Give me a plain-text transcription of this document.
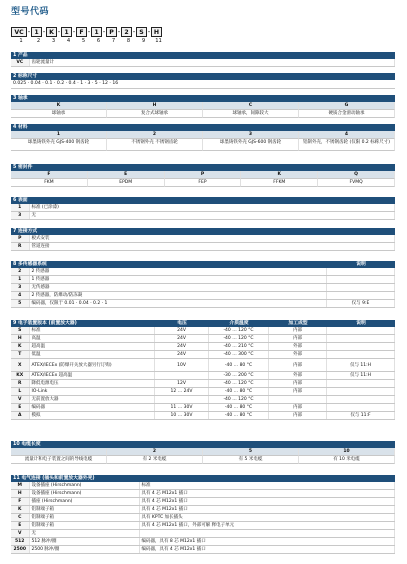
型号代码
VC - 1 - K - 1 - F - 1 - P - 2 - S - H
1	2	3	4	5	6	7	8	9	11
1 产品
VC	齿轮流量计
2 标称尺寸
0.025 · 0.04 · 0.1 · 0.2 · 0.4 · 1 · 3 · 5 · 12 · 16
3 轴承
K	H	C	G
球轴承	复合式球轴承	球轴承，间隙较大	硬质合金滑动轴承
4 材料
1	2	3	4
球墨铸铁外壳 GJS-400 钢齿轮	不锈钢外壳 不锈钢齿轮	球墨铸铁外壳 GJS-600 钢齿轮	铝制外壳，不锈钢齿轮 (仅限 0.2 标称尺寸)
5 密封件
F	E	P	K	Q
FKM	EPDM	FEP	FFKM	FVMQ
6 表面
1	标准 (已涂漆)
3	无
7 连接方式
P	板式安装
R	管道连接
8 多传感器系统	说明
2	2 传感器	
1	1 传感器	
3	无传感器	
4	2 传感器，防爆动/防冻凝	
5	编码器，仅限于 0.01 · 0.04 · 0.2 · 1	仅与 9:E
9 电子装置版本 (前置放大器)	电压	介质温度	加工成型	说明
S	标准	24V	-40 … 120 °C	内部	
H	高温	24V	-40 … 120 °C	内部	
K	超高温	24V	-40 … 210 °C	外部	
T	低温	24V	-40 … 300 °C	外部	
X	ATEX/IECEx (防爆开关放大器另行订购)	10V	-40 … 80 °C	内部	仅与 11:H
KX	ATEX/IECEx 超高温		-30 … 200 °C	外部	仅与 11:H
R	降低电源电压	12V	-40 … 120 °C	内部	
L	IO-Link	12 … 24V	-40 … 80 °C	内部	
V	无前置放大器		-40 … 120 °C		
E	编码器	11 … 30V	-40 … 80 °C	内部	
A	模拟	10 … 30V	-40 … 80 °C	内部	仅与 11:F
10 电缆长度
2	5	10
流量计和电子装置之间的导线电缆	有 2 米电缆	有 5 米电缆	有 10 米电缆
11 电气连接 (插头和前置放大器外壳)
M	设备插座 (Hirschmann)	标准
H	设备插座 (Hirschmann)	具有 4 芯 M12x1 插口
F	插座 (Hirschmann)	具有 4 芯 M12x1 插口
K	铝制端子箱	具有 4 芯 M12x1 插口
C	铝制端子箱	具有 KPTC 加长插头
E	铝制端子箱	具有 4 芯 M12x1 插口，外部可解 释电子单元
V	无	
512	512 脉冲/圈	编码器，具有 8 芯 M12x1 插口
2500	2500 脉冲/圈	编码器，具有 4 芯 M12x1 插口
